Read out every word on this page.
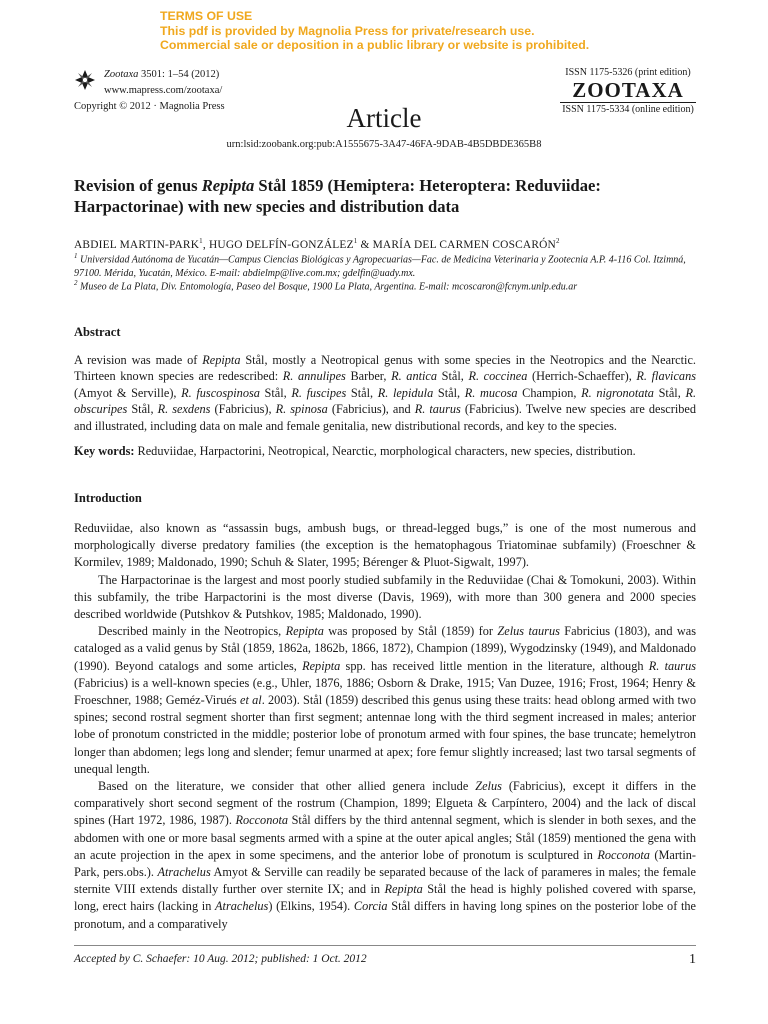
TERMS OF USE
This pdf is provided by Magnolia Press for private/research use.
Commercial sale or deposition in a public library or website is prohibited.
Zootaxa 3501: 1–54 (2012)
www.mapress.com/zootaxa/
Copyright © 2012 · Magnolia Press
ISSN 1175-5326 (print edition)
ZOOTAXA
ISSN 1175-5334 (online edition)
Article
urn:lsid:zoobank.org:pub:A1555675-3A47-46FA-9DAB-4B5DBDE365B8
Revision of genus Repipta Stål 1859 (Hemiptera: Heteroptera: Reduviidae: Harpactorinae) with new species and distribution data
ABDIEL MARTIN-PARK$^1$, HUGO DELFÍN-GONZÁLEZ$^1$ & MARÍA DEL CARMEN COSCARÓN$^2$
$^1$ Universidad Autónoma de Yucatán—Campus Ciencias Biológicas y Agropecuarias—Fac. de Medicina Veterinaria y Zootecnia A.P. 4-116 Col. Itzimná, 97100. Mérida, Yucatán, México. E-mail: abdielmp@live.com.mx; gdelfin@uady.mx.
$^2$ Museo de La Plata, Div. Entomología, Paseo del Bosque, 1900 La Plata, Argentina. E-mail: mcoscaron@fcnym.unlp.edu.ar
Abstract
A revision was made of Repipta Stål, mostly a Neotropical genus with some species in the Neotropics and the Nearctic. Thirteen known species are redescribed: R. annulipes Barber, R. antica Stål, R. coccinea (Herrich-Schaeffer), R. flavicans (Amyot & Serville), R. fuscospinosa Stål, R. fuscipes Stål, R. lepidula Stål, R. mucosa Champion, R. nigronotata Stål, R. obscuripes Stål, R. sexdens (Fabricius), R. spinosa (Fabricius), and R. taurus (Fabricius). Twelve new species are described and illustrated, including data on male and female genitalia, new distributional records, and key to the species.
Key words: Reduviidae, Harpactorini, Neotropical, Nearctic, morphological characters, new species, distribution.
Introduction

Reduviidae, also known as “assassin bugs, ambush bugs, or thread-legged bugs,” is one of the most numerous and morphologically diverse predatory families (the exception is the hematophagous Triatominae subfamily) (Froeschner & Kormilev, 1989; Maldonado, 1990; Schuh & Slater, 1995; Bérenger & Pluot-Sigwalt, 1997).

The Harpactorinae is the largest and most poorly studied subfamily in the Reduviidae (Chai & Tomokuni, 2003). Within this subfamily, the tribe Harpactorini is the most diverse (Davis, 1969), with more than 300 genera and 2000 species described worldwide (Putshkov & Putshkov, 1985; Maldonado, 1990).

Described mainly in the Neotropics, Repipta was proposed by Stål (1859) for Zelus taurus Fabricius (1803), and was cataloged as a valid genus by Stål (1859, 1862a, 1862b, 1866, 1872), Champion (1899), Wygodzinsky (1949), and Maldonado (1990). Beyond catalogs and some articles, Repipta spp. has received little mention in the literature, although R. taurus (Fabricius) is a well-known species (e.g., Uhler, 1876, 1886; Osborn & Drake, 1915; Van Duzee, 1916; Frost, 1964; Henry & Froeschner, 1988; Geméz-Virués et al. 2003). Stål (1859) described this genus using these traits: head oblong armed with two spines; second rostral segment shorter than first segment; antennae long with the third segment increased in males; anterior lobe of pronotum constricted in the middle; posterior lobe of pronotum armed with four spines, the base truncate; hemelytron longer than abdomen; legs long and slender; femur unarmed at apex; fore femur slightly increased; last two tarsal segments of unequal length.

Based on the literature, we consider that other allied genera include Zelus (Fabricius), except it differs in the comparatively short second segment of the rostrum (Champion, 1899; Elgueta & Carpíntero, 2004) and the lack of discal spines (Hart 1972, 1986, 1987). Rocconota Stål differs by the third antennal segment, which is slender in both sexes, and the abdomen with one or more basal segments armed with a spine at the outer apical angles; Stål (1859) mentioned the gena with an acute projection in the apex in some specimens, and the anterior lobe of pronotum is sculptured in Rocconota (Martin-Park, pers.obs.). Atrachelus Amyot & Serville can readily be separated because of the lack of parameres in males; the female sternite VIII extends distally further over sternite IX; and in Repipta Stål the head is highly polished covered with sparse, long, erect hairs (lacking in Atrachelus) (Elkins, 1954). Corcia Stål differs in having long spines on the posterior lobe of the pronotum, and a comparatively

Accepted by C. Schaefer: 10 Aug. 2012; published: 1 Oct. 2012	1
